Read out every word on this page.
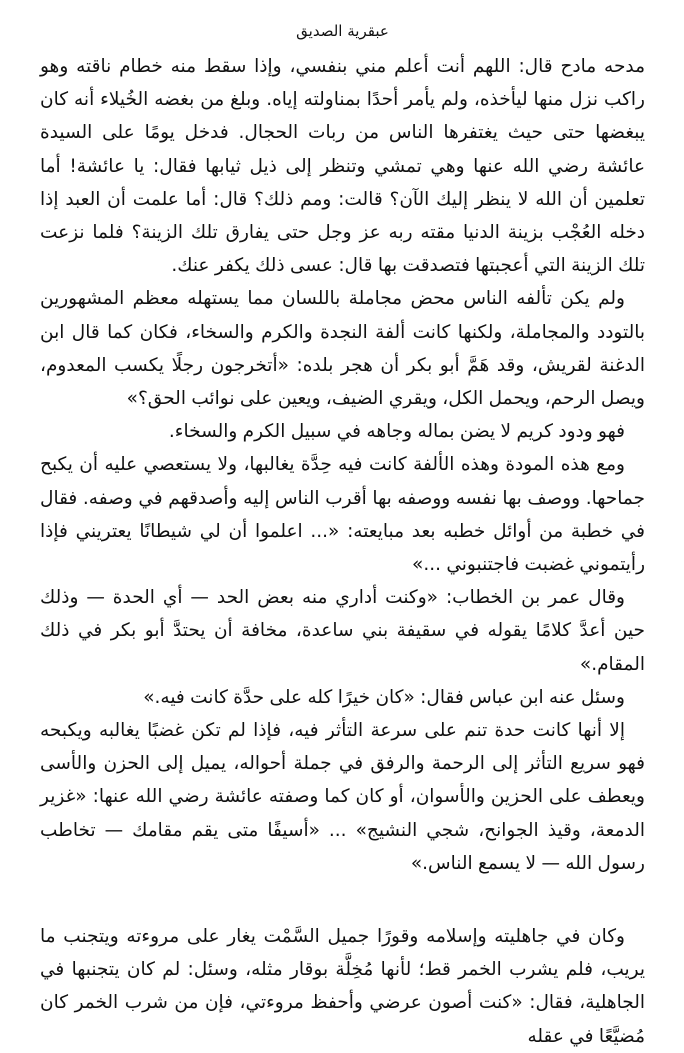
عبقرية الصديق

مدحه مادح قال: اللهم أنت أعلم مني بنفسي، وإذا سقط منه خطام ناقته وهو راكب نزل منها ليأخذه، ولم يأمر أحدًا بمناولته إياه. وبلغ من بغضه الخُيلاء أنه كان يبغضها حتى حيث يغتفرها الناس من ربات الحجال. فدخل يومًا على السيدة عائشة رضي الله عنها وهي تمشي وتنظر إلى ذيل ثيابها فقال: يا عائشة! أما تعلمين أن الله لا ينظر إليك الآن؟ قالت: ومم ذلك؟ قال: أما علمت أن العبد إذا دخله العُجْب بزينة الدنيا مقته ربه عز وجل حتى يفارق تلك الزينة؟ فلما نزعت تلك الزينة التي أعجبتها فتصدقت بها قال: عسى ذلك يكفر عنك.

ولم يكن تألفه الناس محض مجاملة باللسان مما يستهله معظم المشهورين بالتودد والمجاملة، ولكنها كانت ألفة النجدة والكرم والسخاء، فكان كما قال ابن الدغنة لقريش، وقد هَمَّ أبو بكر أن هجر بلده: «أتخرجون رجلًا يكسب المعدوم، ويصل الرحم، ويحمل الكل، ويقري الضيف، ويعين على نوائب الحق؟»

فهو ودود كريم لا يضن بماله وجاهه في سبيل الكرم والسخاء.

ومع هذه المودة وهذه الألفة كانت فيه حِدَّة يغالبها، ولا يستعصي عليه أن يكبح جماحها. ووصف بها نفسه ووصفه بها أقرب الناس إليه وأصدقهم في وصفه. فقال في خطبة من أوائل خطبه بعد مبايعته: «... اعلموا أن لي شيطانًا يعتريني فإذا رأيتموني غضبت فاجتنبوني ...»

وقال عمر بن الخطاب: «وكنت أداري منه بعض الحد — أي الحدة — وذلك حين أعدَّ كلامًا يقوله في سقيفة بني ساعدة، مخافة أن يحتدَّ أبو بكر في ذلك المقام.»

وسئل عنه ابن عباس فقال: «كان خيرًا كله على حدَّة كانت فيه.»

إلا أنها كانت حدة تنم على سرعة التأثر فيه، فإذا لم تكن غضبًا يغالبه ويكبحه فهو سريع التأثر إلى الرحمة والرفق في جملة أحواله، يميل إلى الحزن والأسى ويعطف على الحزين والأسوان، أو كان كما وصفته عائشة رضي الله عنها: «غزير الدمعة، وقيذ الجوانح، شجي النشيج» ... «أسيفًا متى يقم مقامك — تخاطب رسول الله — لا يسمع الناس.»

وكان في جاهليته وإسلامه وقورًا جميل السَّمْت يغار على مروءته ويتجنب ما يريب، فلم يشرب الخمر قط؛ لأنها مُخِلَّة بوقار مثله، وسئل: لم كان يتجنبها في الجاهلية، فقال: «كنت أصون عرضي وأحفظ مروءتي، فإن من شرب الخمر كان مُضيَّعًا في عقله
